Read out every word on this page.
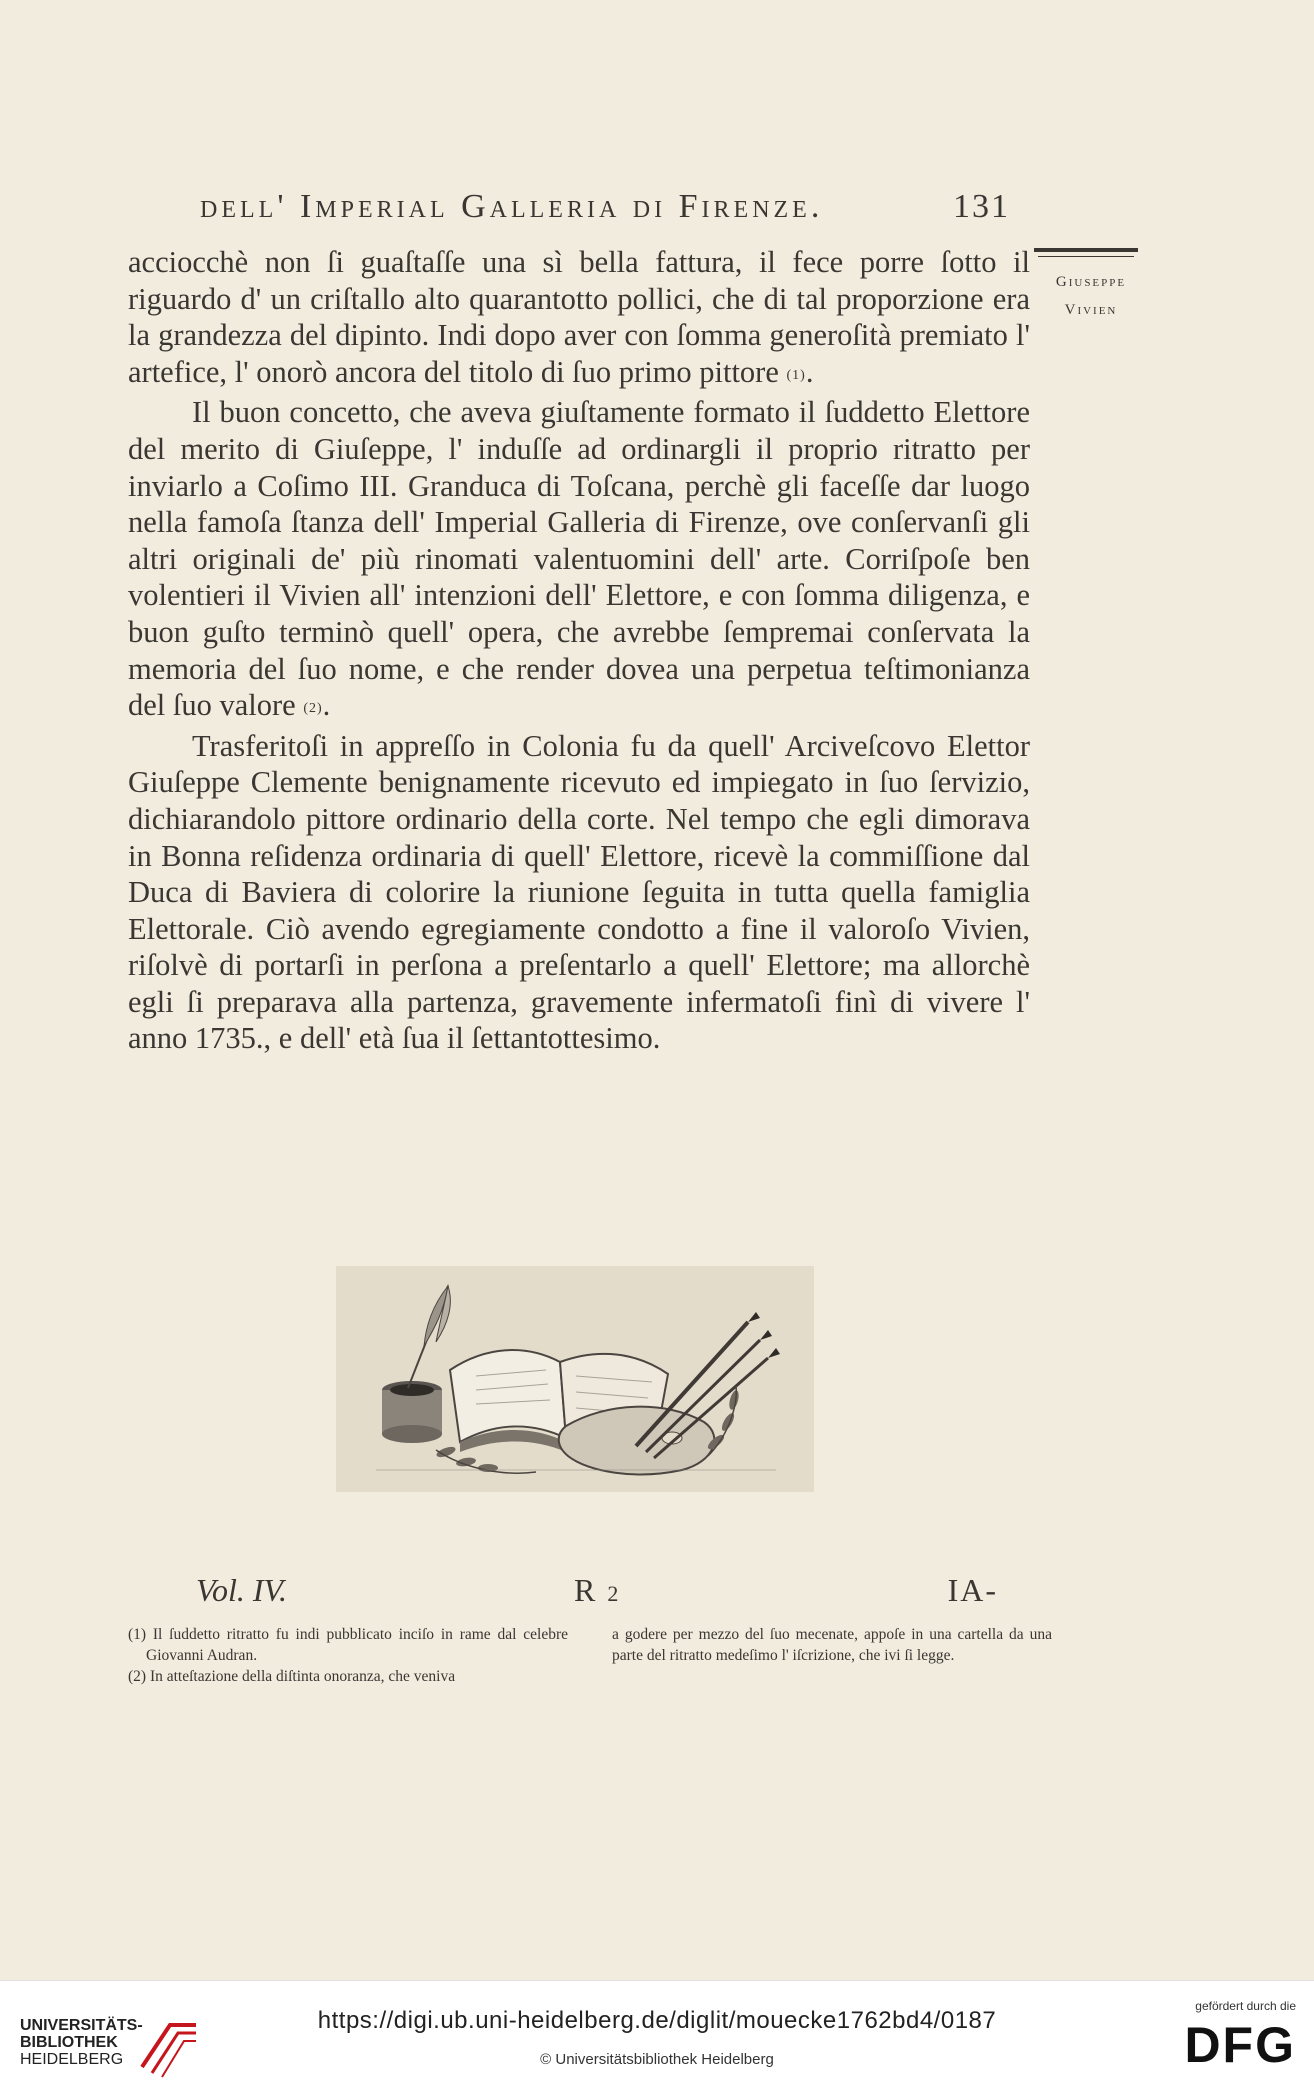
dell' Imperial Galleria di Firenze.	131
Giuseppe
Vivien

acciocchè non ſi guaſtaſſe una sì bella fattura, il fece porre ſotto il riguardo d' un criſtallo alto quarantotto pollici, che di tal proporzione era la grandezza del dipinto. Indi dopo aver con ſomma generoſità premiato l' artefice, l' onorò ancora del titolo di ſuo primo pittore (1).

Il buon concetto, che aveva giuſtamente formato il ſuddetto Elettore del merito di Giuſeppe, l' induſſe ad ordinargli il proprio ritratto per inviarlo a Coſimo III. Granduca di Toſcana, perchè gli faceſſe dar luogo nella famoſa ſtanza dell' Imperial Galleria di Firenze, ove conſervanſi gli altri originali de' più rinomati valentuomini dell' arte. Corriſpoſe ben volentieri il Vivien all' intenzioni dell' Elettore, e con ſomma diligenza, e buon guſto terminò quell' opera, che avrebbe ſempremai conſervata la memoria del ſuo nome, e che render dovea una perpetua teſtimonianza del ſuo valore (2).

Trasferitoſi in appreſſo in Colonia fu da quell' Arciveſcovo Elettor Giuſeppe Clemente benignamente ricevuto ed impiegato in ſuo ſervizio, dichiarandolo pittore ordinario della corte. Nel tempo che egli dimorava in Bonna reſidenza ordinaria di quell' Elettore, ricevè la commiſſione dal Duca di Baviera di colorire la riunione ſeguita in tutta quella famiglia Elettorale. Ciò avendo egregiamente condotto a fine il valoroſo Vivien, riſolvè di portarſi in perſona a preſentarlo a quell' Elettore; ma allorchè egli ſi preparava alla partenza, gravemente infermatoſi finì di vivere l' anno 1735., e dell' età ſua il ſettantottesimo.

Vol. IV.	R 2	IA-

(1) Il ſuddetto ritratto fu indi pubblicato inciſo in rame dal celebre Giovanni Audran.

(2) In atteſtazione della diſtinta onoranza, che veniva

a godere per mezzo del ſuo mecenate, appoſe in una cartella da una parte del ritratto medeſimo l' iſcrizione, che ivi ſi legge.

UNIVERSITÄTS-
BIBLIOTHEK
HEIDELBERG
https://digi.ub.uni-heidelberg.de/diglit/mouecke1762bd4/0187
© Universitätsbibliothek Heidelberg
gefördert durch die
DFG
